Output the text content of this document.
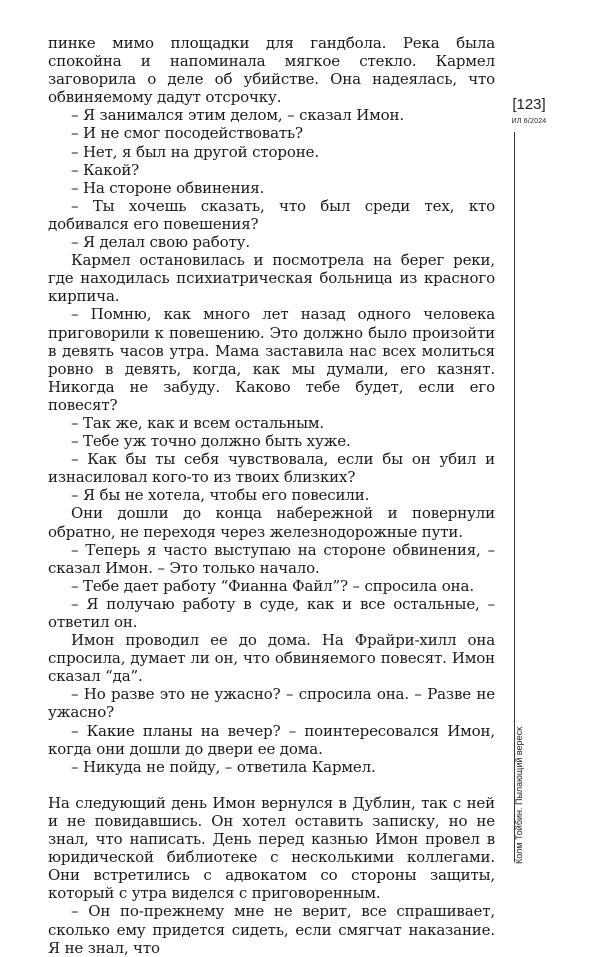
пинке мимо площадки для гандбола. Река была спокойна и напоминала мягкое стекло. Кармел заговорила о деле об убийстве. Она надеялась, что обвиняемому дадут отсрочку.

– Я занимался этим делом, – сказал Имон.

– И не смог посодействовать?

– Нет, я был на другой стороне.

– Какой?

– На стороне обвинения.

– Ты хочешь сказать, что был среди тех, кто добивался его повешения?

– Я делал свою работу.

Кармел остановилась и посмотрела на берег реки, где находилась психиатрическая больница из красного кирпича.

– Помню, как много лет назад одного человека приговорили к повешению. Это должно было произойти в девять часов утра. Мама заставила нас всех молиться ровно в девять, когда, как мы думали, его казнят. Никогда не забуду. Каково тебе будет, если его повесят?

– Так же, как и всем остальным.

– Тебе уж точно должно быть хуже.

– Как бы ты себя чувствовала, если бы он убил и изнасиловал кого-то из твоих близких?

– Я бы не хотела, чтобы его повесили.

Они дошли до конца набережной и повернули обратно, не переходя через железнодорожные пути.

– Теперь я часто выступаю на стороне обвинения, – сказал Имон. – Это только начало.

– Тебе дает работу “Фианна Файл”? – спросила она.

– Я получаю работу в суде, как и все остальные, – ответил он.

Имон проводил ее до дома. На Фрайри-хилл она спросила, думает ли он, что обвиняемого повесят. Имон сказал “да”.

– Но разве это не ужасно? – спросила она. – Разве не ужасно?

– Какие планы на вечер? – поинтересовался Имон, когда они дошли до двери ее дома.

– Никуда не пойду, – ответила Кармел.

На следующий день Имон вернулся в Дублин, так с ней и не повидавшись. Он хотел оставить записку, но не знал, что написать. День перед казнью Имон провел в юридической библиотеке с несколькими коллегами. Они встретились с адвокатом со стороны защиты, который с утра виделся с приговоренным.

– Он по-прежнему мне не верит, все спрашивает, сколько ему придется сидеть, если смягчат наказание. Я не знал, что

[123]
ИЛ 6/2024
Колм Тойбин. Пылающий вереск
